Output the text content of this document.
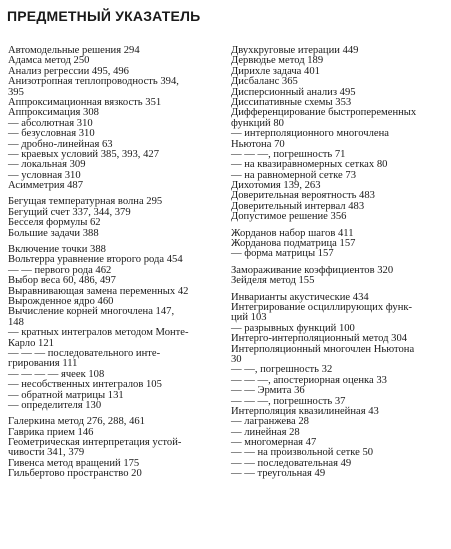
ПРЕДМЕТНЫЙ УКАЗАТЕЛЬ
Автомодельные решения 294
Адамса метод 250
Анализ регрессии 495, 496
Анизотропная теплопроводность 394,
395
Аппроксимационная вязкость 351
Аппроксимация 308
— абсолютная 310
— безусловная 310
— дробно-линейная 63
— краевых условий 385, 393, 427
— локальная 309
— условная 310
Асимметрия 487
Бегущая температурная волна 295
Бегущий счет 337, 344, 379
Бесселя формулы 62
Большие задачи 388
Включение точки 388
Вольтерра уравнение второго рода 454
— — первого рода 462
Выбор веса 60, 486, 497
Выравнивающая замена переменных 42
Вырожденное ядро 460
Вычисление корней многочлена 147,
148
— кратных интегралов методом Монте-
Карло 121
— — — последовательного инте-
грирования 111
— — — — ячеек 108
— несобственных интегралов 105
— обратной матрицы 131
— определителя 130
Галеркина метод 276, 288, 461
Гаврика прием 146
Геометрическая интерпретация устой-
чивости 341, 379
Гивенса метод вращений 175
Гильбертово пространство 20
Двухкруговые итерации 449
Дервюдье метод 189
Дирихле задача 401
Дисбаланс 365
Дисперсионный анализ 495
Диссипативные схемы 353
Дифференцирование быстропеременных
функций 80
— интерполяционного многочлена
Ньютона 70
— — —, погрешность 71
— на квазиравномерных сетках 80
— на равномерной сетке 73
Дихотомия 139, 263
Доверительная вероятность 483
Доверительный интервал 483
Допустимое решение 356
Жорданов набор шагов 411
Жорданова подматрица 157
— форма матрицы 157
Замораживание коэффициентов 320
Зейделя метод 155
Инварианты акустические 434
Интегрирование осциллирующих функ-
ций 103
— разрывных функций 100
Интерго-интерполяционный метод 304
Интерполяционный многочлен Ньютона
30
— —, погрешность 32
— — —, апостериорная оценка 33
— — Эрмита 36
— — —, погрешность 37
Интерполяция квазилинейная 43
— лагранжева 28
— линейная 28
— многомерная 47
— — на произвольной сетке 50
— — последовательная 49
— — треугольная 49
